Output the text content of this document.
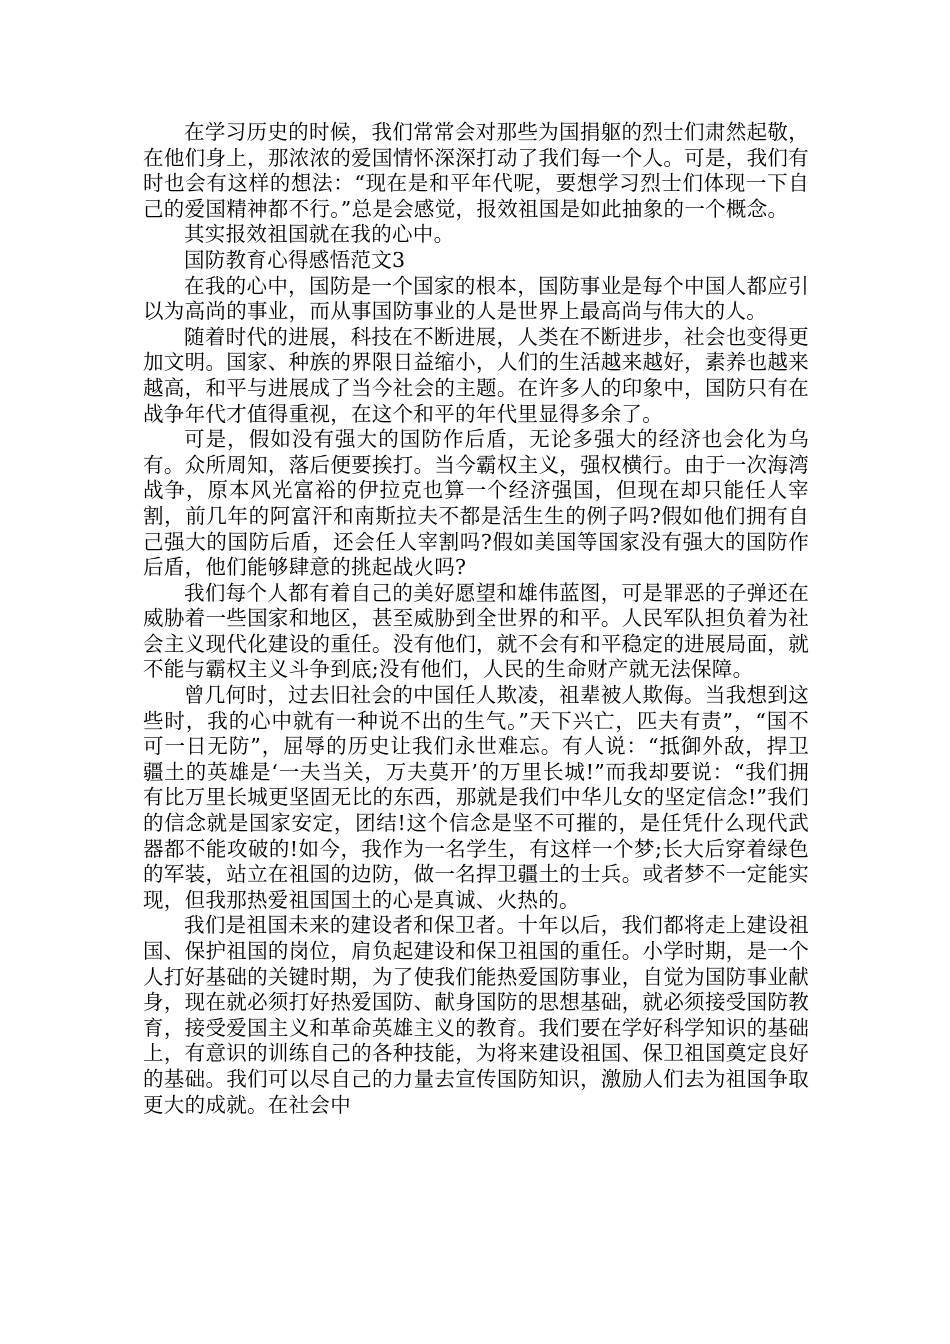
在学习历史的时候，我们常常会对那些为国捐躯的烈士们肃然起敬，在他们身上，那浓浓的爱国情怀深深打动了我们每一个人。可是，我们有时也会有这样的想法：“现在是和平年代呢，要想学习烈士们体现一下自己的爱国精神都不行。”总是会感觉，报效祖国是如此抽象的一个概念。

其实报效祖国就在我的心中。

国防教育心得感悟范文3

在我的心中，国防是一个国家的根本，国防事业是每个中国人都应引以为高尚的事业，而从事国防事业的人是世界上最高尚与伟大的人。

随着时代的进展，科技在不断进展，人类在不断进步，社会也变得更加文明。国家、种族的界限日益缩小，人们的生活越来越好，素养也越来越高，和平与进展成了当今社会的主题。在许多人的印象中，国防只有在战争年代才值得重视，在这个和平的年代里显得多余了。

可是，假如没有强大的国防作后盾，无论多强大的经济也会化为乌有。众所周知，落后便要挨打。当今霸权主义，强权横行。由于一次海湾战争，原本风光富裕的伊拉克也算一个经济强国，但现在却只能任人宰割，前几年的阿富汗和南斯拉夫不都是活生生的例子吗?假如他们拥有自己强大的国防后盾，还会任人宰割吗?假如美国等国家没有强大的国防作后盾，他们能够肆意的挑起战火吗?

我们每个人都有着自己的美好愿望和雄伟蓝图，可是罪恶的子弹还在威胁着一些国家和地区，甚至威胁到全世界的和平。人民军队担负着为社会主义现代化建设的重任。没有他们，就不会有和平稳定的进展局面，就不能与霸权主义斗争到底;没有他们，人民的生命财产就无法保障。

曾几何时，过去旧社会的中国任人欺凌，祖辈被人欺侮。当我想到这些时，我的心中就有一种说不出的生气。”天下兴亡，匹夫有责”，“国不可一日无防”，屈辱的历史让我们永世难忘。有人说：“抵御外敌，捍卫疆土的英雄是‘一夫当关，万夫莫开’的万里长城!”而我却要说：“我们拥有比万里长城更坚固无比的东西，那就是我们中华儿女的坚定信念!”我们的信念就是国家安定，团结!这个信念是坚不可摧的，是任凭什么现代武器都不能攻破的!如今，我作为一名学生，有这样一个梦;长大后穿着绿色的军装，站立在祖国的边防，做一名捍卫疆土的士兵。或者梦不一定能实现，但我那热爱祖国国土的心是真诚、火热的。

我们是祖国未来的建设者和保卫者。十年以后，我们都将走上建设祖国、保护祖国的岗位，肩负起建设和保卫祖国的重任。小学时期，是一个人打好基础的关键时期，为了使我们能热爱国防事业，自觉为国防事业献身，现在就必须打好热爱国防、献身国防的思想基础，就必须接受国防教育，接受爱国主义和革命英雄主义的教育。我们要在学好科学知识的基础上，有意识的训练自己的各种技能，为将来建设祖国、保卫祖国奠定良好的基础。我们可以尽自己的力量去宣传国防知识，激励人们去为祖国争取更大的成就。在社会中
